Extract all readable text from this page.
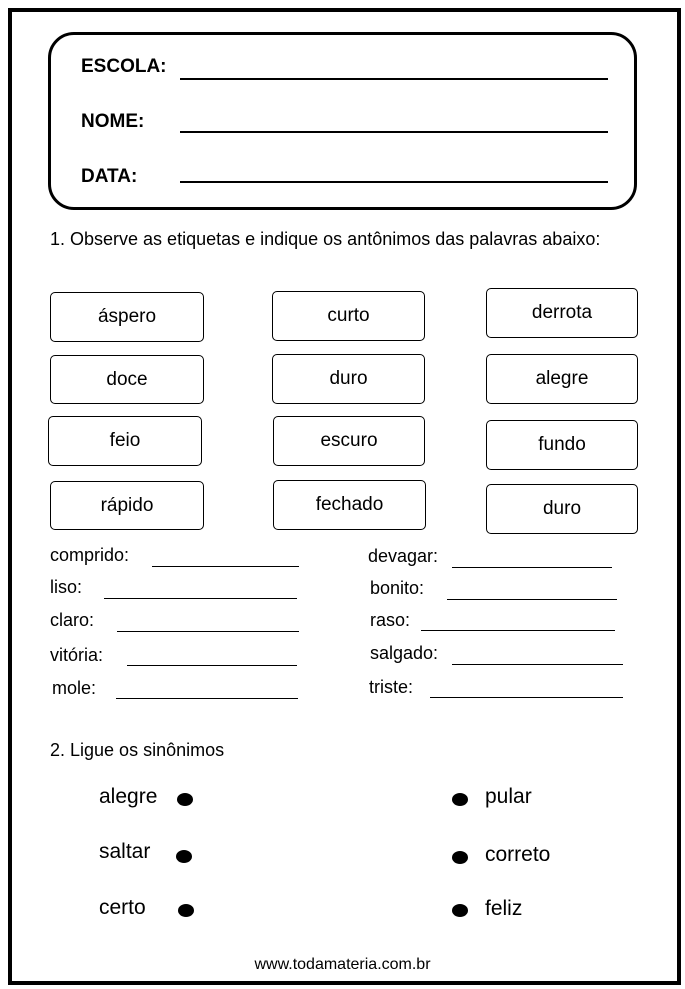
ESCOLA:
NOME:
DATA:
1. Observe as etiquetas e indique os antônimos das palavras abaixo:
áspero	curto	derrota
doce	duro	alegre
feio	escuro	fundo
rápido	fechado	duro
comprido:
liso:
claro:
vitória:
mole:
devagar:
bonito:
raso:
salgado:
triste:
2. Ligue os sinônimos
alegre
saltar
certo
pular
correto
feliz
www.todamateria.com.br
